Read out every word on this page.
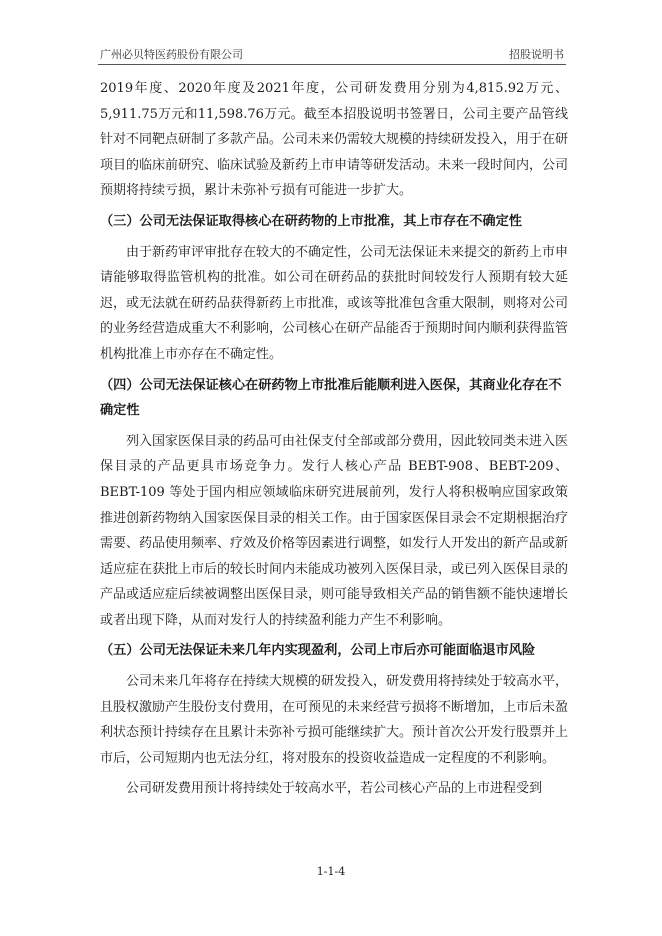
广州必贝特医药股份有限公司	招股说明书

2019年度、2020年度及2021年度，公司研发费用分别为4,815.92万元、5,911.75万元和11,598.76万元。截至本招股说明书签署日，公司主要产品管线针对不同靶点研制了多款产品。公司未来仍需较大规模的持续研发投入，用于在研项目的临床前研究、临床试验及新药上市申请等研发活动。未来一段时间内，公司预期将持续亏损，累计未弥补亏损有可能进一步扩大。

（三）公司无法保证取得核心在研药物的上市批准，其上市存在不确定性

由于新药审评审批存在较大的不确定性，公司无法保证未来提交的新药上市申请能够取得监管机构的批准。如公司在研药品的获批时间较发行人预期有较大延迟，或无法就在研药品获得新药上市批准，或该等批准包含重大限制，则将对公司的业务经营造成重大不利影响，公司核心在研产品能否于预期时间内顺利获得监管机构批准上市亦存在不确定性。

（四）公司无法保证核心在研药物上市批准后能顺利进入医保，其商业化存在不确定性

列入国家医保目录的药品可由社保支付全部或部分费用，因此较同类未进入医保目录的产品更具市场竞争力。发行人核心产品 BEBT-908、BEBT-209、BEBT-109 等处于国内相应领域临床研究进展前列，发行人将积极响应国家政策推进创新药物纳入国家医保目录的相关工作。由于国家医保目录会不定期根据治疗需要、药品使用频率、疗效及价格等因素进行调整，如发行人开发出的新产品或新适应症在获批上市后的较长时间内未能成功被列入医保目录，或已列入医保目录的产品或适应症后续被调整出医保目录，则可能导致相关产品的销售额不能快速增长或者出现下降，从而对发行人的持续盈利能力产生不利影响。

（五）公司无法保证未来几年内实现盈利，公司上市后亦可能面临退市风险

公司未来几年将存在持续大规模的研发投入，研发费用将持续处于较高水平，且股权激励产生股份支付费用，在可预见的未来经营亏损将不断增加，上市后未盈利状态预计持续存在且累计未弥补亏损可能继续扩大。预计首次公开发行股票并上市后，公司短期内也无法分红，将对股东的投资收益造成一定程度的不利影响。

公司研发费用预计将持续处于较高水平，若公司核心产品的上市进程受到

1-1-4
